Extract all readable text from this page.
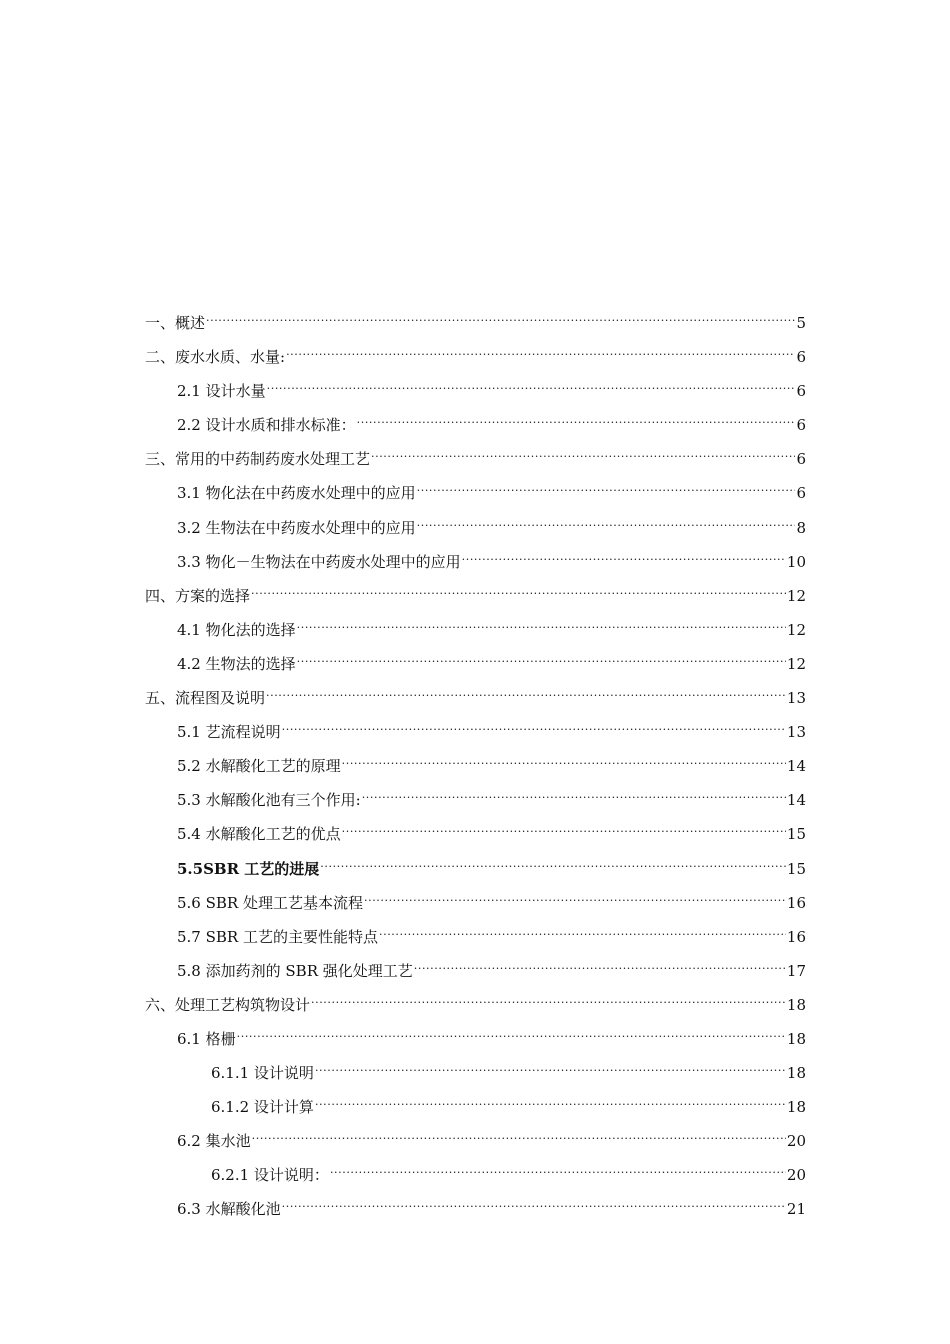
一、概述 .....	5
二、废水水质、水量: .....	6
2.1 设计水量 .....	6
2.2 设计水质和排水标准： .....	6
三、常用的中药制药废水处理工艺 .....	6
3.1 物化法在中药废水处理中的应用 .....	6
3.2 生物法在中药废水处理中的应用 .....	8
3.3 物化－生物法在中药废水处理中的应用 .....	10
四、方案的选择 .....	12
4.1 物化法的选择 .....	12
4.2 生物法的选择 .....	12
五、流程图及说明 .....	13
5.1 艺流程说明 .....	13
5.2 水解酸化工艺的原理 .....	14
5.3 水解酸化池有三个作用: .....	14
5.4 水解酸化工艺的优点 .....	15
5.5SBR 工艺的进展 .....	15
5.6 SBR 处理工艺基本流程 .....	16
5.7 SBR 工艺的主要性能特点 .....	16
5.8 添加药剂的 SBR 强化处理工艺 .....	17
六、处理工艺构筑物设计 .....	18
6.1 格栅 .....	18
6.1.1 设计说明 .....	18
6.1.2 设计计算 .....	18
6.2 集水池 .....	20
6.2.1 设计说明： .....	20
6.3 水解酸化池 .....	21
